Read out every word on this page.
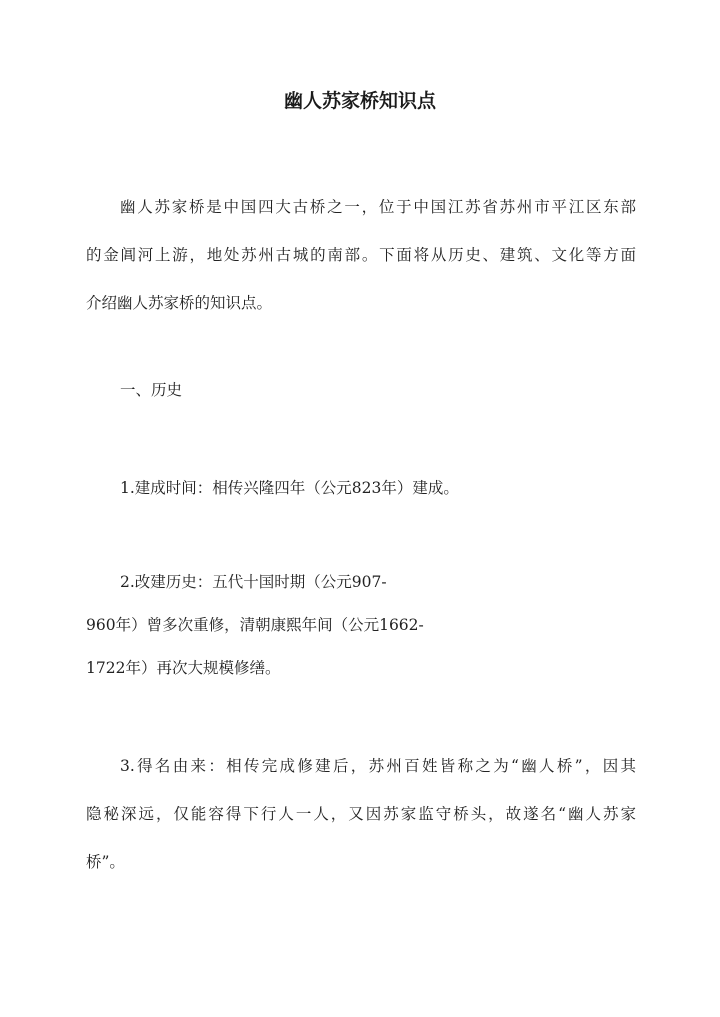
幽人苏家桥知识点
幽人苏家桥是中国四大古桥之一，位于中国江苏省苏州市平江区东部
的金阊河上游，地处苏州古城的南部。下面将从历史、建筑、文化等方面
介绍幽人苏家桥的知识点。
一、历史
1.建成时间：相传兴隆四年（公元823年）建成。
2.改建历史：五代十国时期（公元907-
960年）曾多次重修，清朝康熙年间（公元1662-
1722年）再次大规模修缮。
3.得名由来：相传完成修建后，苏州百姓皆称之为“幽人桥”，因其
隐秘深远，仅能容得下行人一人，又因苏家监守桥头，故遂名“幽人苏家
桥”。
